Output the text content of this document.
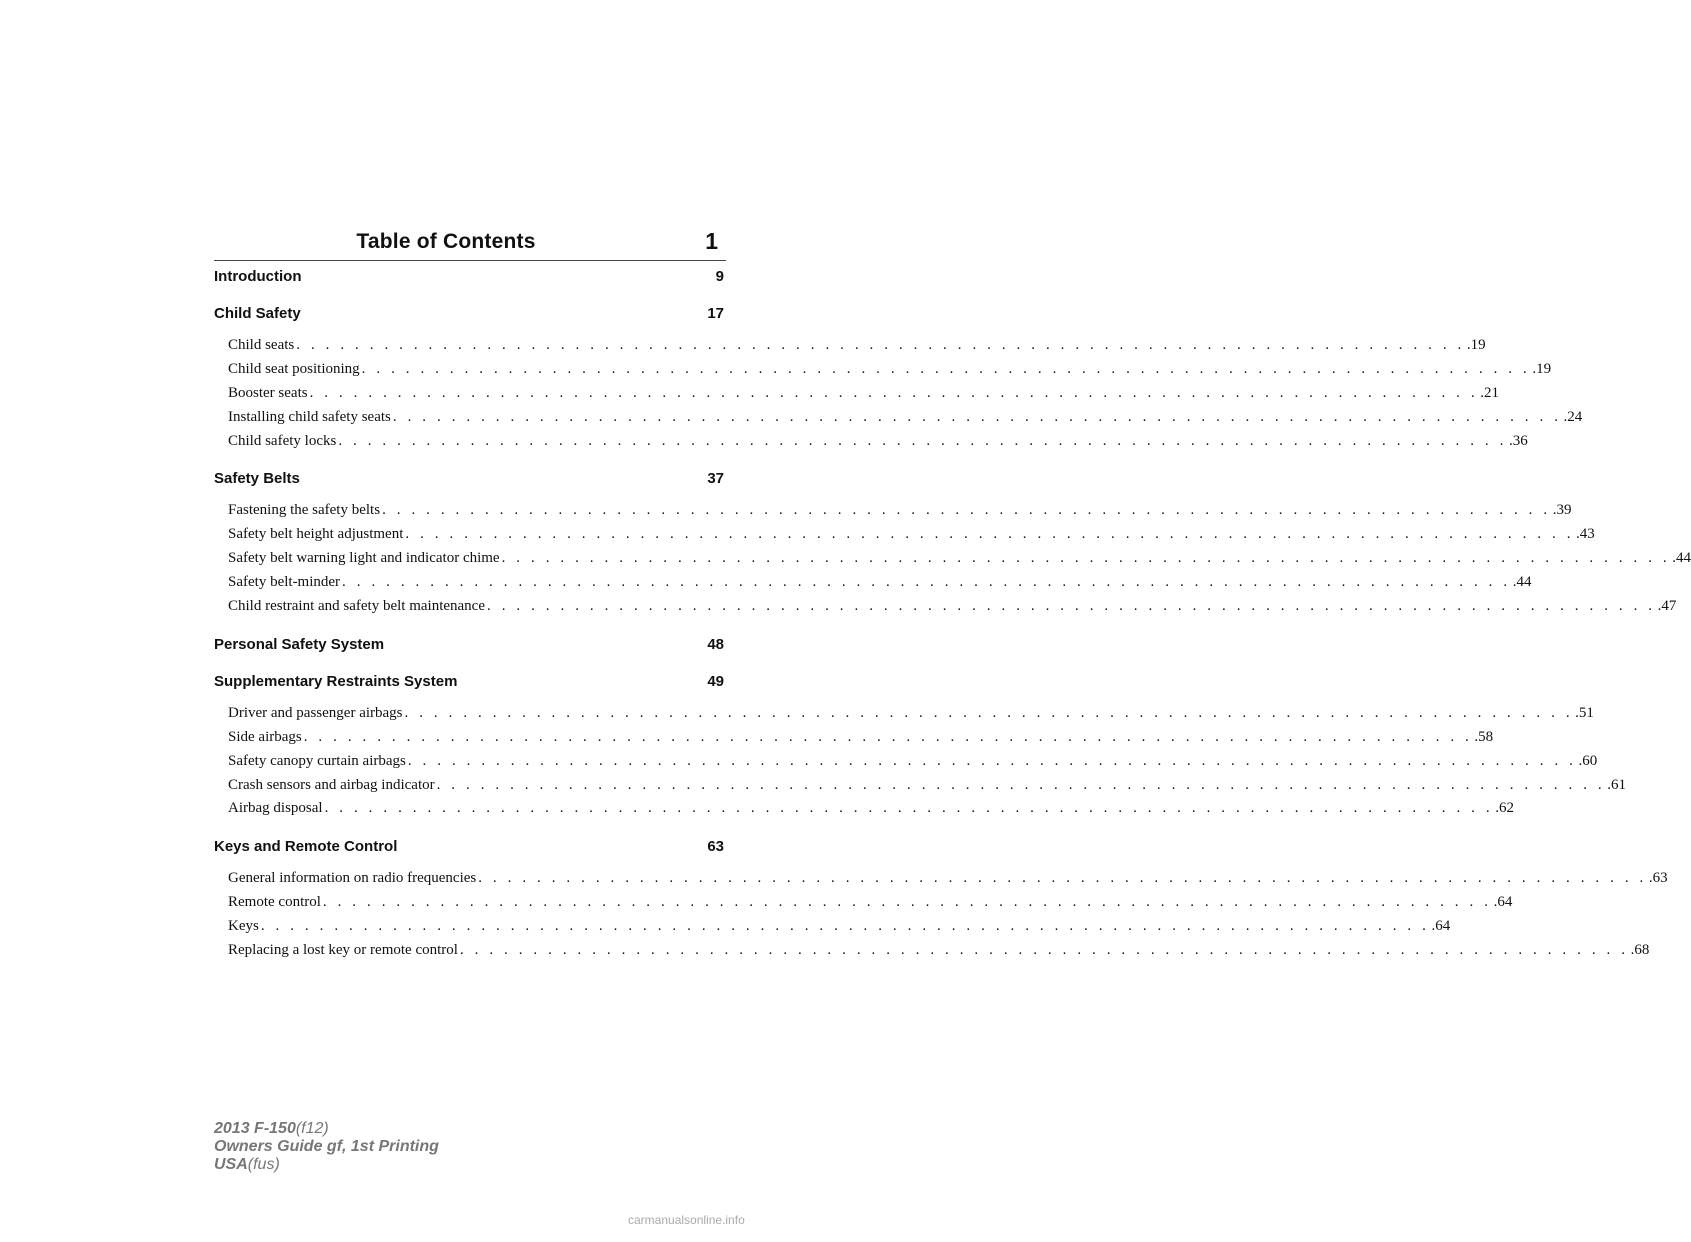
Table of Contents	1
Introduction	9
Child Safety	17
Child seats . . . . . . . . . . . . . . . . . . . . . . . . . . . . . . . . . . . . . . . . . . . . . . . . . . . . . . . . . . . . . . . . . . . . . . . . . . . . . . . . .19
Child seat positioning . . . . . . . . . . . . . . . . . . . . . . . . . . . . . . . . . . . . . . . . . . . . . . . . . . . . . . . . . . . . . . . . . . . . . . . . . . . . . . . . .19
Booster seats . . . . . . . . . . . . . . . . . . . . . . . . . . . . . . . . . . . . . . . . . . . . . . . . . . . . . . . . . . . . . . . . . . . . . . . . . . . . . . . . .21
Installing child safety seats . . . . . . . . . . . . . . . . . . . . . . . . . . . . . . . . . . . . . . . . . . . . . . . . . . . . . . . . . . . . . . . . . . . . . . . . . . . . . . . . .24
Child safety locks . . . . . . . . . . . . . . . . . . . . . . . . . . . . . . . . . . . . . . . . . . . . . . . . . . . . . . . . . . . . . . . . . . . . . . . . . . . . . . . . .36
Safety Belts	37
Fastening the safety belts . . . . . . . . . . . . . . . . . . . . . . . . . . . . . . . . . . . . . . . . . . . . . . . . . . . . . . . . . . . . . . . . . . . . . . . . . . . . . . . . .39
Safety belt height adjustment . . . . . . . . . . . . . . . . . . . . . . . . . . . . . . . . . . . . . . . . . . . . . . . . . . . . . . . . . . . . . . . . . . . . . . . . . . . . . . . . .43
Safety belt warning light and indicator chime . . . . . . . . . . . . . . . . . . . . . . . . . . . . . . . . . . . . . . . . . . . . . . . . . . . . . . . . . . . . . . . . . . . . . . . . . . . . . . . . .44
Safety belt-minder . . . . . . . . . . . . . . . . . . . . . . . . . . . . . . . . . . . . . . . . . . . . . . . . . . . . . . . . . . . . . . . . . . . . . . . . . . . . . . . . .44
Child restraint and safety belt maintenance . . . . . . . . . . . . . . . . . . . . . . . . . . . . . . . . . . . . . . . . . . . . . . . . . . . . . . . . . . . . . . . . . . . . . . . . . . . . . . . . .47
Personal Safety System	48
Supplementary Restraints System	49
Driver and passenger airbags . . . . . . . . . . . . . . . . . . . . . . . . . . . . . . . . . . . . . . . . . . . . . . . . . . . . . . . . . . . . . . . . . . . . . . . . . . . . . . . . .51
Side airbags . . . . . . . . . . . . . . . . . . . . . . . . . . . . . . . . . . . . . . . . . . . . . . . . . . . . . . . . . . . . . . . . . . . . . . . . . . . . . . . . .58
Safety canopy curtain airbags . . . . . . . . . . . . . . . . . . . . . . . . . . . . . . . . . . . . . . . . . . . . . . . . . . . . . . . . . . . . . . . . . . . . . . . . . . . . . . . . .60
Crash sensors and airbag indicator . . . . . . . . . . . . . . . . . . . . . . . . . . . . . . . . . . . . . . . . . . . . . . . . . . . . . . . . . . . . . . . . . . . . . . . . . . . . . . . . .61
Airbag disposal . . . . . . . . . . . . . . . . . . . . . . . . . . . . . . . . . . . . . . . . . . . . . . . . . . . . . . . . . . . . . . . . . . . . . . . . . . . . . . . . .62
Keys and Remote Control	63
General information on radio frequencies . . . . . . . . . . . . . . . . . . . . . . . . . . . . . . . . . . . . . . . . . . . . . . . . . . . . . . . . . . . . . . . . . . . . . . . . . . . . . . . . .63
Remote control . . . . . . . . . . . . . . . . . . . . . . . . . . . . . . . . . . . . . . . . . . . . . . . . . . . . . . . . . . . . . . . . . . . . . . . . . . . . . . . . .64
Keys . . . . . . . . . . . . . . . . . . . . . . . . . . . . . . . . . . . . . . . . . . . . . . . . . . . . . . . . . . . . . . . . . . . . . . . . . . . . . . . . .64
Replacing a lost key or remote control . . . . . . . . . . . . . . . . . . . . . . . . . . . . . . . . . . . . . . . . . . . . . . . . . . . . . . . . . . . . . . . . . . . . . . . . . . . . . . . . .68
2013 F-150(f12)
Owners Guide gf, 1st Printing
USA(fus)
carmanualsonline.info
